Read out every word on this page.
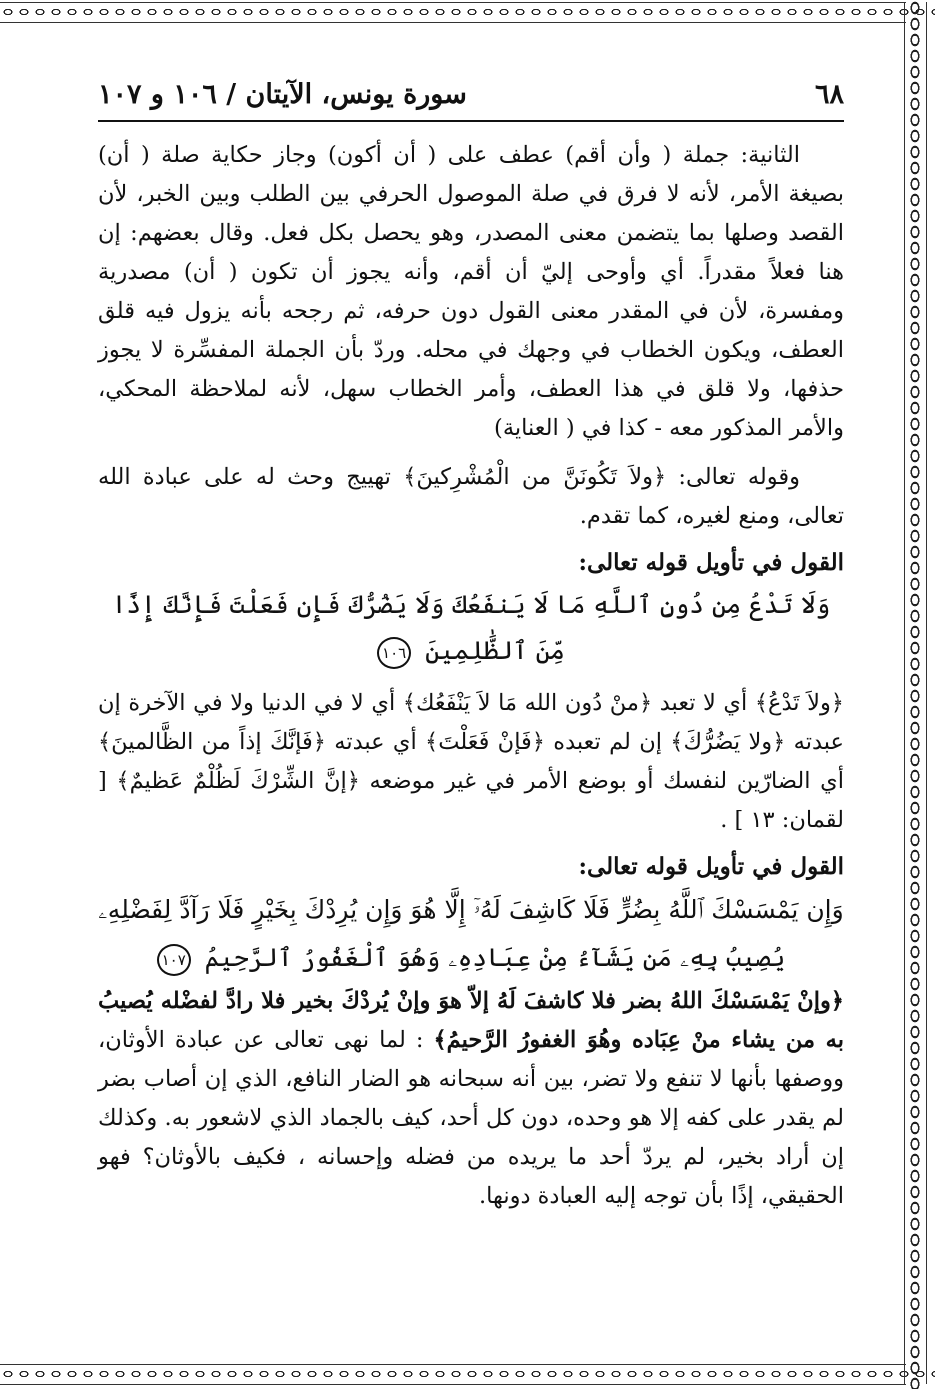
٦٨
سورة يونس، الآيتان / ١٠٦ و ١٠٧

الثانية: جملة ( وأن أقم) عطف على ( أن أكون) وجاز حكاية صلة ( أن) بصيغة الأمر، لأنه لا فرق في صلة الموصول الحرفي بين الطلب وبين الخبر، لأن القصد وصلها بما يتضمن معنى المصدر، وهو يحصل بكل فعل. وقال بعضهم: إن هنا فعلاً مقدراً. أي وأوحى إليّ أن أقم، وأنه يجوز أن تكون ( أن) مصدرية ومفسرة، لأن في المقدر معنى القول دون حرفه، ثم رجحه بأنه يزول فيه قلق العطف، ويكون الخطاب في وجهك في محله. وردّ بأن الجملة المفسِّرة لا يجوز حذفها، ولا قلق في هذا العطف، وأمر الخطاب سهل، لأنه لملاحظة المحكي، والأمر المذكور معه - كذا في ( العناية)

وقوله تعالى: ﴿ولاَ تَكُونَنَّ من الْمُشْرِكينَ﴾ تهييج وحث له على عبادة الله تعالى، ومنع لغيره، كما تقدم.

القول في تأويل قوله تعالى:
وَلَا تَدْعُ مِن دُونِ ٱللَّهِ مَا لَا يَنفَعُكَ وَلَا يَضُرُّكَ فَإِن فَعَلْتَ فَإِنَّكَ إِذًا مِّنَ ٱلظَّٰلِمِينَ ١٠٦

﴿ولاَ تَدْعُ﴾ أي لا تعبد ﴿منْ دُون الله مَا لاَ يَنْفَعُك﴾ أي لا في الدنيا ولا في الآخرة إن عبدته ﴿ولا يَضُرُّكَ﴾ إن لم تعبده ﴿فَإنْ فَعَلْتَ﴾ أي عبدته ﴿فَإنَّكَ إذاً من الظَّالمينَ﴾ أي الضارّين لنفسك أو بوضع الأمر في غير موضعه ﴿إنَّ الشِّرْكَ لَظُلْمٌ عَظيمٌ﴾ [ لقمان: ١٣ ] .

القول في تأويل قوله تعالى:
وَإِن يَمْسَسْكَ ٱللَّهُ بِضُرٍّ فَلَا كَاشِفَ لَهُۥٓ إِلَّا هُوَ وَإِن يُرِدْكَ بِخَيْرٍ فَلَا رَآدَّ لِفَضْلِهِۦ
يُصِيبُ بِهِۦ مَن يَشَآءُ مِنْ عِبَادِهِۦ وَهُوَ ٱلْغَفُورُ ٱلرَّحِيمُ ١٠٧

﴿وإنْ يَمْسَسْكَ اللهُ بضر فلا كاشفَ لَهُ إلاّ هوَ وإنْ يُردْكَ بخير فلا رادَّ لفضْله يُصيبُ به من يشاء منْ عِبَاده وهُوَ الغفورُ الرَّحيمُ﴾ : لما نهى تعالى عن عبادة الأوثان، ووصفها بأنها لا تنفع ولا تضر، بين أنه سبحانه هو الضار النافع، الذي إن أصاب بضر لم يقدر على كفه إلا هو وحده، دون كل أحد، كيف بالجماد الذي لاشعور به. وكذلك إن أراد بخير، لم يردّ أحد ما يريده من فضله وإحسانه ، فكيف بالأوثان؟ فهو الحقيقي، إذًا بأن توجه إليه العبادة دونها.
